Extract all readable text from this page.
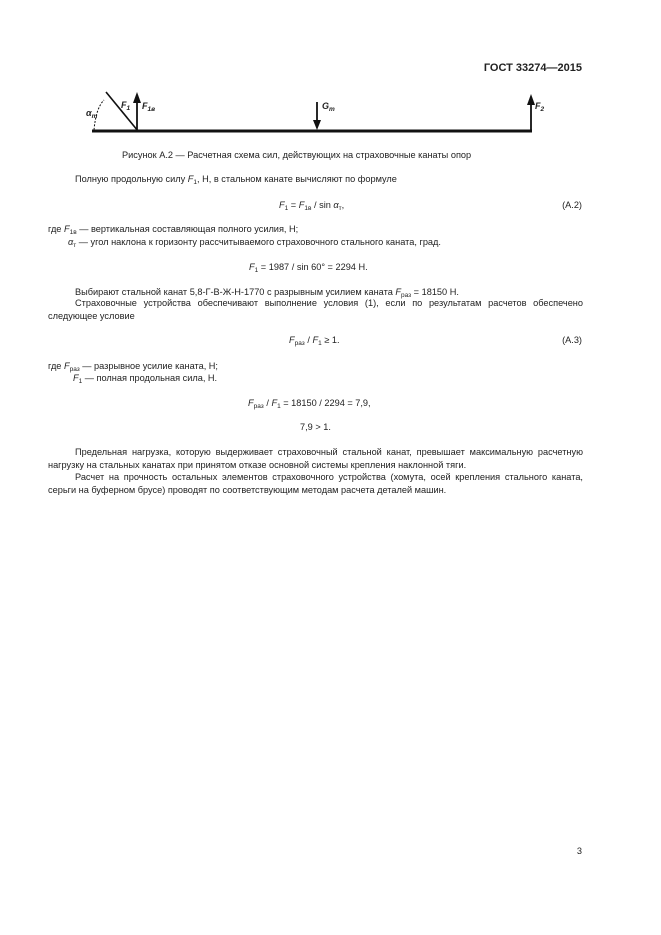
ГОСТ 33274—2015
$\alpha_т$
$F_1$ $F_{1в}$	$G_т$	$F_2$
Рисунок А.2 — Расчетная схема сил, действующих на страховочные канаты опор
Полную продольную силу $F_1$, Н, в стальном канате вычисляют по формуле
$F_1 = F_{1в} / \sin \alpha_т$,	(А.2)
где $F_{1в}$ — вертикальная составляющая полного усилия, Н;
$\alpha_т$ — угол наклона к горизонту рассчитываемого страховочного стального каната, град.
$F_1 = 1987 / \sin 60^\circ = 2294$ Н.
Выбирают стальной канат 5,8-Г-В-Ж-Н-1770 с разрывным усилием каната $F_{раз} = 18150$ Н.
Страховочные устройства обеспечивают выполнение условия (1), если по результатам расчетов обеспечено следующее условие
$F_{раз} / F_1 \ge 1$.	(А.3)
где $F_{раз}$ — разрывное усилие каната, Н;
$F_1$ — полная продольная сила, Н.
$F_{раз} / F_1 = 18150 / 2294 = 7,9$,
7,9 > 1.
Предельная нагрузка, которую выдерживает страховочный стальной канат, превышает максимальную расчетную нагрузку на стальных канатах при принятом отказе основной системы крепления наклонной тяги.
Расчет на прочность остальных элементов страховочного устройства (хомута, осей крепления стального каната, серьги на буферном брусе) проводят по соответствующим методам расчета деталей машин.
3
